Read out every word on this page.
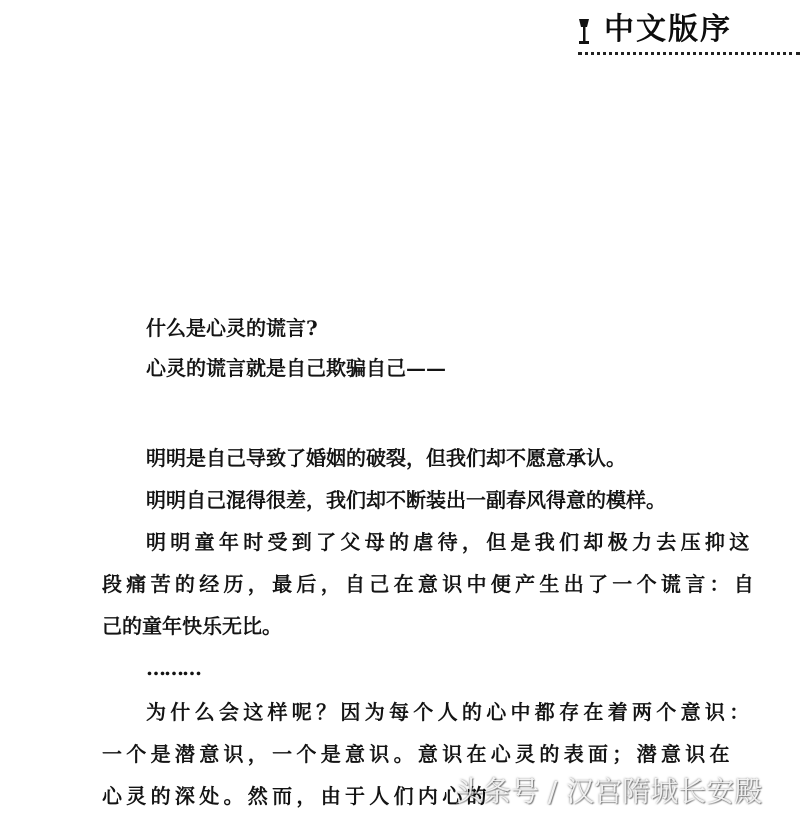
中文版序
什么是心灵的谎言?
心灵的谎言就是自己欺骗自己——
明明是自己导致了婚姻的破裂，但我们却不愿意承认。
明明自己混得很差，我们却不断装出一副春风得意的模样。
明明童年时受到了父母的虐待，但是我们却极力去压抑这
段痛苦的经历，最后，自己在意识中便产生出了一个谎言：自
己的童年快乐无比。
………
为什么会这样呢？因为每个人的心中都存在着两个意识：
一个是潜意识，一个是意识。意识在心灵的表面；潜意识在
心灵的深处。然而，由于人们内心的
头条号 / 汉宫隋城长安殿
